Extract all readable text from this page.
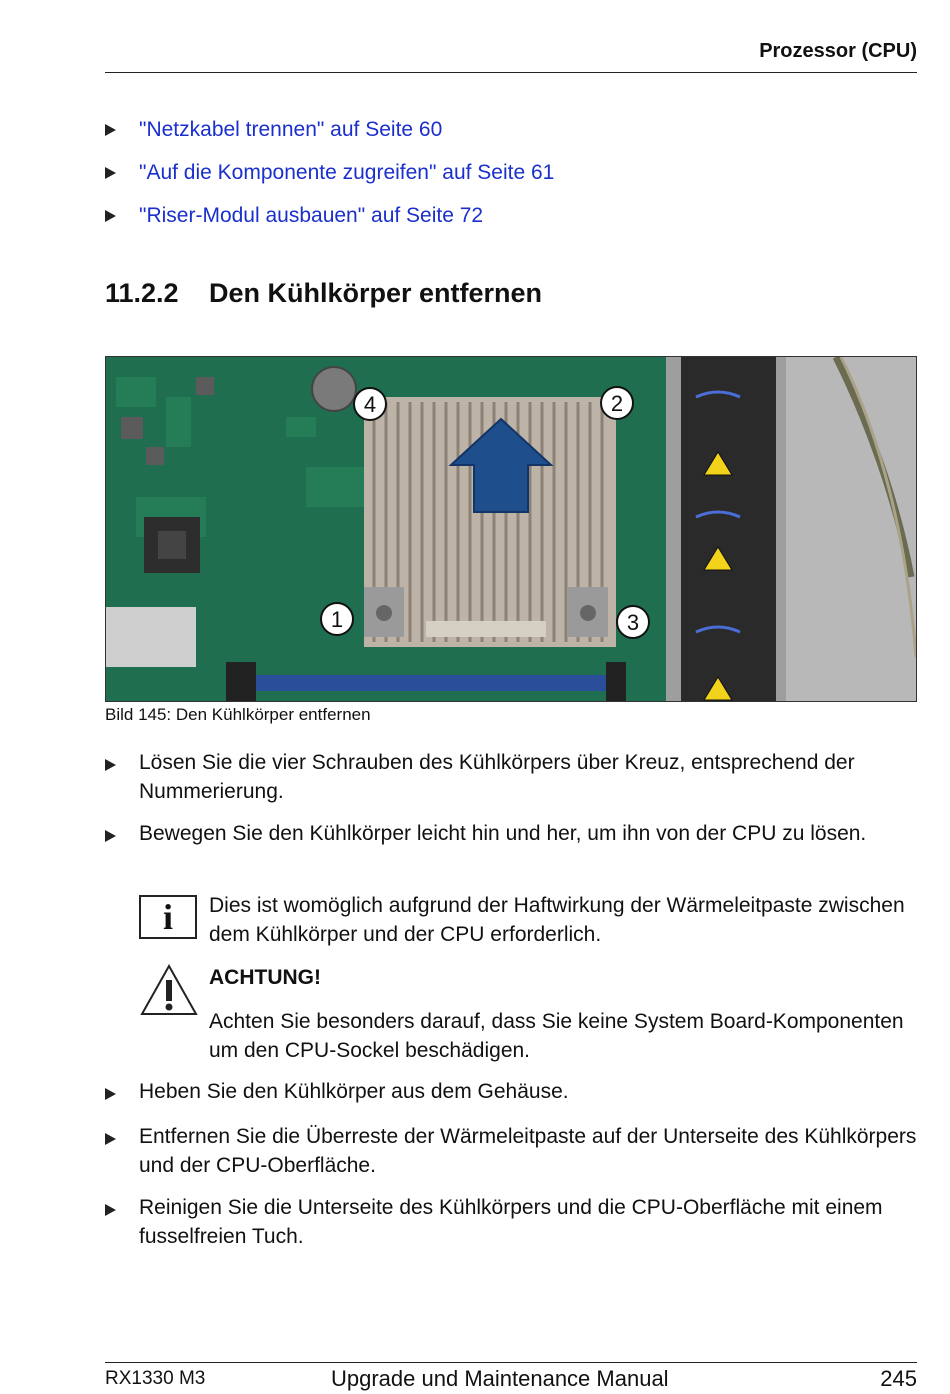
Prozessor (CPU)
"Netzkabel trennen" auf Seite 60
"Auf die Komponente zugreifen" auf Seite 61
"Riser-Modul ausbauen" auf Seite 72
11.2.2 Den Kühlkörper entfernen
1
2
3
4
Bild 145: Den Kühlkörper entfernen
Lösen Sie die vier Schrauben des Kühlkörpers über Kreuz, entsprechend der Nummerierung.
Bewegen Sie den Kühlkörper leicht hin und her, um ihn von der CPU zu lösen.
i	Dies ist womöglich aufgrund der Haftwirkung der Wärmeleitpaste zwischen dem Kühlkörper und der CPU erforderlich.
ACHTUNG!
Achten Sie besonders darauf, dass Sie keine System Board-Komponenten um den CPU-Sockel beschädigen.
Heben Sie den Kühlkörper aus dem Gehäuse.
Entfernen Sie die Überreste der Wärmeleitpaste auf der Unterseite des Kühlkörpers und der CPU-Oberfläche.
Reinigen Sie die Unterseite des Kühlkörpers und die CPU-Oberfläche mit einem fusselfreien Tuch.
RX1330 M3	Upgrade und Maintenance Manual	245
